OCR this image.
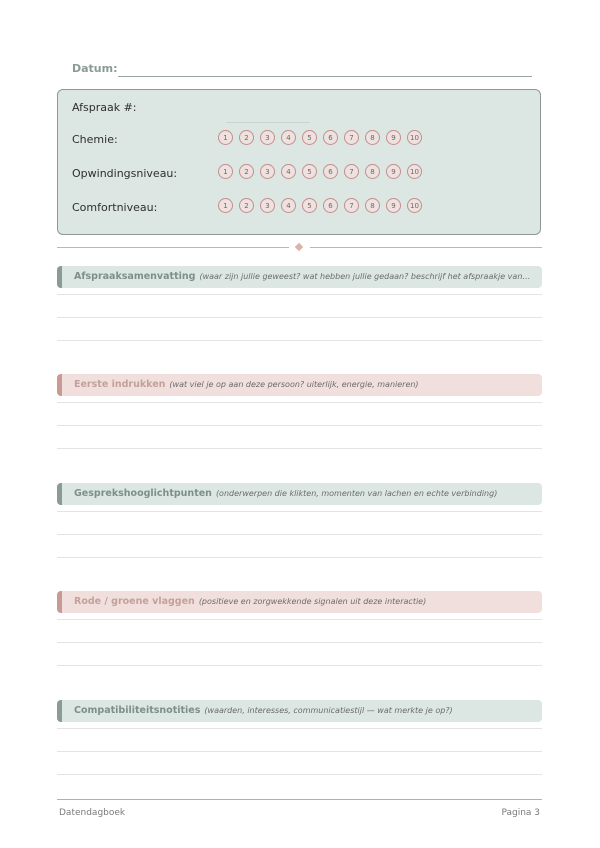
Datum:
Afspraak #:
Chemie:	1	2	3	4	5	6	7	8	9	10
Opwindingsniveau:	1	2	3	4	5	6	7	8	9	10
Comfortniveau:	1	2	3	4	5	6	7	8	9	10
Afspraaksamenvatting (waar zijn jullie geweest? wat hebben jullie gedaan? beschrijf het afspraakje van…
Eerste indrukken (wat viel je op aan deze persoon? uiterlijk, energie, manieren)
Gesprekshooglichtpunten (onderwerpen die klikten, momenten van lachen en echte verbinding)
Rode / groene vlaggen (positieve en zorgwekkende signalen uit deze interactie)
Compatibiliteitsnotities (waarden, interesses, communicatiestijl — wat merkte je op?)
Datendagboek	Pagina 3
